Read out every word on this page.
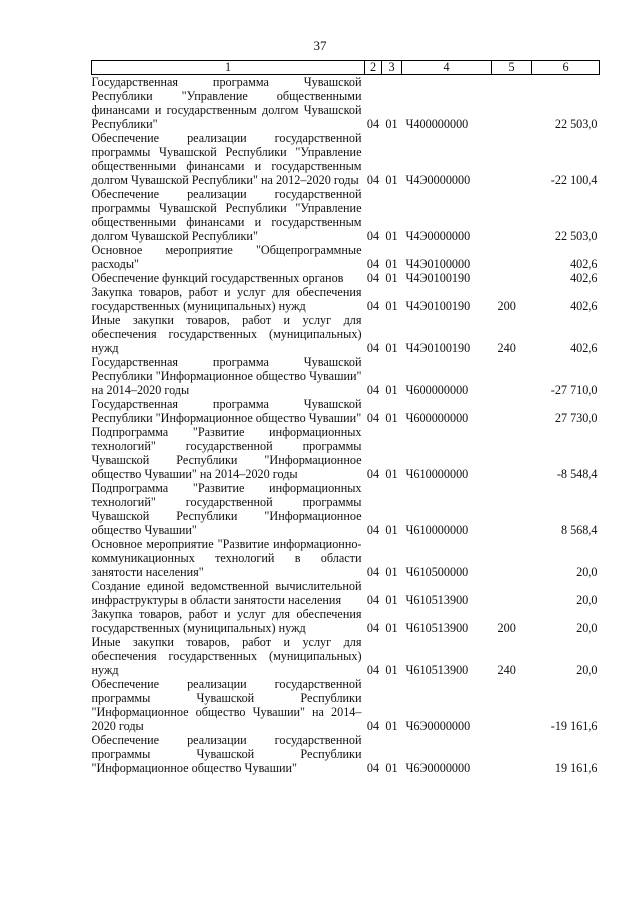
37
1	2	3	4	5	6
Государственная программа Чувашской Республики "Управление общественными финансами и государственным долгом Чувашской Республики"	04	01	Ч400000000		22 503,0
Обеспечение реализации государственной программы Чувашской Республики "Управление общественными финансами и государственным долгом Чувашской Республики" на 2012–2020 годы	04	01	Ч4Э0000000		-22 100,4
Обеспечение реализации государственной программы Чувашской Республики "Управление общественными финансами и государственным долгом Чувашской Республики"	04	01	Ч4Э0000000		22 503,0
Основное мероприятие "Общепрограммные расходы"	04	01	Ч4Э0100000		402,6
Обеспечение функций государственных органов	04	01	Ч4Э0100190		402,6
Закупка товаров, работ и услуг для обеспечения государственных (муниципальных) нужд	04	01	Ч4Э0100190	200	402,6
Иные закупки товаров, работ и услуг для обеспечения государственных (муниципальных) нужд	04	01	Ч4Э0100190	240	402,6
Государственная программа Чувашской Республики "Информационное общество Чувашии" на 2014–2020 годы	04	01	Ч600000000		-27 710,0
Государственная программа Чувашской Республики "Информационное общество Чувашии"	04	01	Ч600000000		27 730,0
Подпрограмма "Развитие информационных технологий" государственной программы Чувашской Республики "Информационное общество Чувашии" на 2014–2020 годы	04	01	Ч610000000		-8 548,4
Подпрограмма "Развитие информационных технологий" государственной программы Чувашской Республики "Информационное общество Чувашии"	04	01	Ч610000000		8 568,4
Основное мероприятие "Развитие информационно-коммуникационных технологий в области занятости населения"	04	01	Ч610500000		20,0
Создание единой ведомственной вычислительной инфраструктуры в области занятости населения	04	01	Ч610513900		20,0
Закупка товаров, работ и услуг для обеспечения государственных (муниципальных) нужд	04	01	Ч610513900	200	20,0
Иные закупки товаров, работ и услуг для обеспечения государственных (муниципальных) нужд	04	01	Ч610513900	240	20,0
Обеспечение реализации государственной программы Чувашской Республики "Информационное общество Чувашии" на 2014–2020 годы	04	01	Ч6Э0000000		-19 161,6
Обеспечение реализации государственной программы Чувашской Республики "Информационное общество Чувашии"	04	01	Ч6Э0000000		19 161,6
